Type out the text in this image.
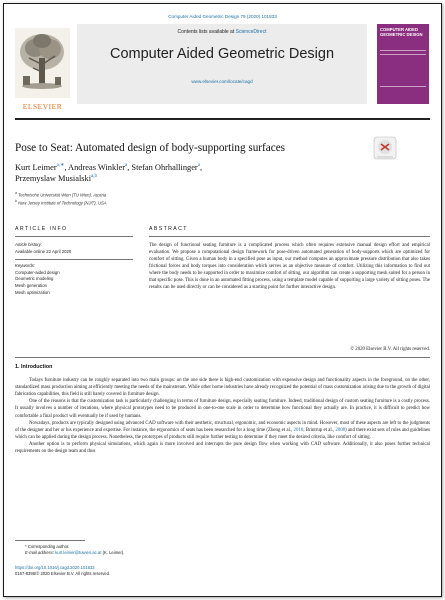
Computer Aided Geometric Design 79 (2020) 101833
ELSEVIER
Contents lists available at ScienceDirect
Computer Aided Geometric Design
www.elsevier.com/locate/cagd
COMPUTER AIDED GEOMETRIC DESIGN
Pose to Seat: Automated design of body-supporting surfaces
Kurt Leimer$^{a,∗}$, Andreas Winkler$^a$, Stefan Ohrhallinger$^a$,
Przemyslaw Musialski$^{a,b}$
$^a$ Technische Universität Wien (TU Wien), Austria
$^b$ New Jersey Institute of Technology (NJIT), USA
ARTICLE INFO	ABSTRACT
Article history:
Available online 22 April 2020
Keywords:
Computer-aided design
Geometric modeling
Mesh generation
Mesh optimization
The design of functional seating furniture is a complicated process which often requires extensive manual design effort and empirical evaluation. We propose a computational design framework for pose-driven automated generation of body-supports which are optimized for comfort of sitting. Given a human body in a specified pose as input, our method computes an approximate pressure distribution that also takes frictional forces and body torques into consideration which serves as an objective measure of comfort. Utilizing this information to find out where the body needs to be supported in order to maximize comfort of sitting, our algorithm can create a supporting mesh suited for a person in that specific pose. This is done in an automated fitting process, using a template model capable of supporting a large variety of sitting poses. The results can be used directly or can be considered as a starting point for further interactive design.
© 2020 Elsevier B.V. All rights reserved.
1. Introduction

Todays furniture industry can be roughly separated into two main groups: on the one side there is high-end customization with expensive design and functionality aspects in the foreground, on the other, standardized mass production aiming at efficiently meeting the needs of the mainstream. While other home industries have already recognized the potential of mass customization arising due to the growth of digital fabrication capabilities, this field is still barely covered in furniture design.

One of the reasons is that the customization task is particularly challenging in terms of furniture design, especially seating furniture. Indeed, traditional design of custom seating furniture is a costly process. It usually involves a number of iterations, where physical prototypes need to be produced in one-to-one scale in order to determine how functional they actually are. In practice, it is difficult to predict how comfortable a final product will eventually be if used by humans.

Nowadays, products are typically designed using advanced CAD software with their aesthetic, structural, ergonomic, and economic aspects in mind. However, most of these aspects are left to the judgments of the designer and her or his experience and expertise. For instance, the ergonomics of seats has been researched for a long time (Zheng et al., 2016; Brintrup et al., 2008) and there exist sets of rules and guidelines which can be applied during the design process. Nonetheless, the prototypes of products still require further testing to determine if they meet the desired criteria, like comfort of sitting.

Another option is to perform physical simulations, which again is more involved and interrupts the pure design flow when working with CAD software. Additionally, it also poses further technical requirements on the design team and thus

* Corresponding author.
E-mail address: kurt.leimer@tuwien.ac.at (K. Leimer).
https://doi.org/10.1016/j.cagd.2020.101833
0167-8396/© 2020 Elsevier B.V. All rights reserved.
